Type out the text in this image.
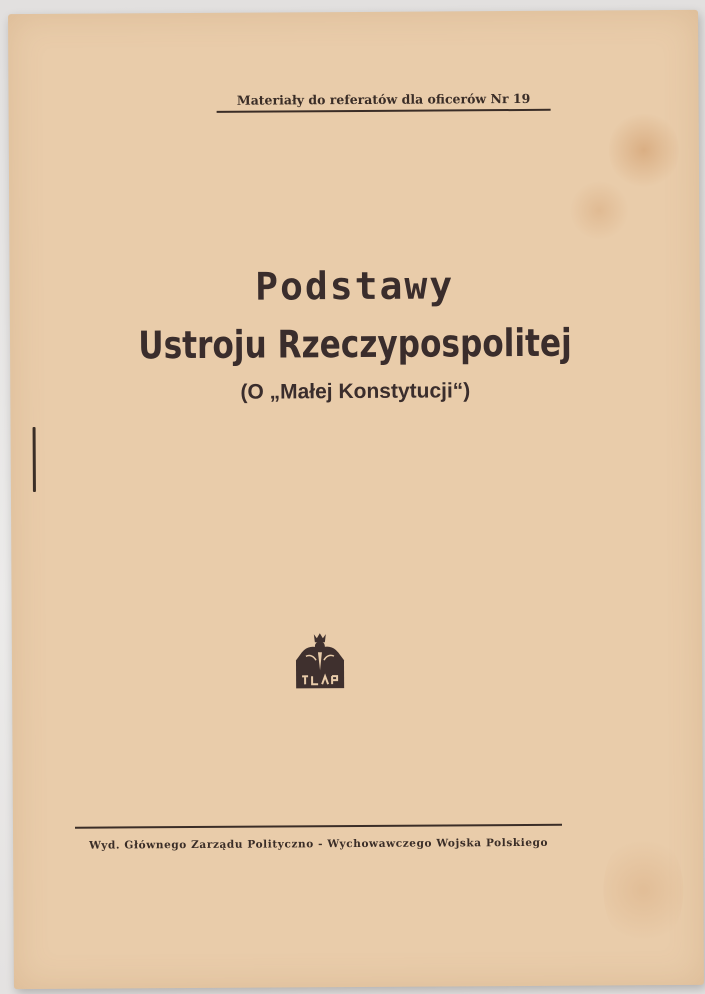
Materiały do referatów dla oficerów Nr 19
Podstawy
Ustroju Rzeczypospolitej
(O „Małej Konstytucji“)
Wyd. Głównego Zarządu Polityczno - Wychowawczego Wojska Polskiego
